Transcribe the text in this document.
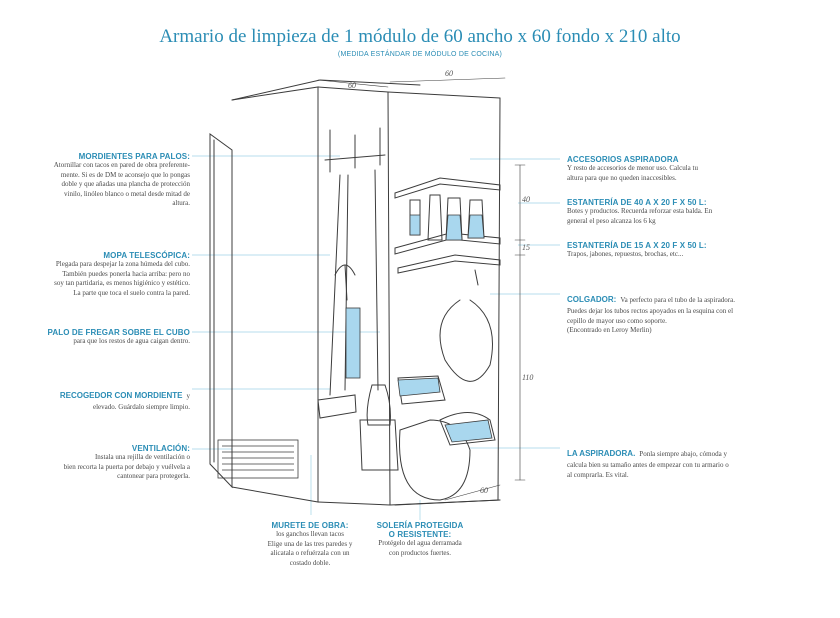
Armario de limpieza de 1 módulo de 60 ancho x 60 fondo x 210 alto
(MEDIDA ESTÁNDAR DE MÓDULO DE COCINA)
60
60
40
15
110
60
MORDIENTES PARA PALOS:
Atornillar con tacos en pared de obra preferente-
mente. Si es de DM te aconsejo que lo pongas
doble y que añadas una plancha de protección
vinilo, linóleo blanco o metal desde mitad de
altura.
MOPA TELESCÓPICA:
Plegada para despejar la zona húmeda del cubo.
También puedes ponerla hacia arriba: pero no
soy tan partidaria, es menos higiénico y estético.
La parte que toca el suelo contra la pared.
PALO DE FREGAR SOBRE EL CUBO
para que los restos de agua caigan dentro.
RECOGEDOR CON MORDIENTE y
elevado. Guárdalo siempre limpio.
VENTILACIÓN:
Instala una rejilla de ventilación o
bien recorta la puerta por debajo y vuélvela a
cantonear para protegerla.
ACCESORIOS ASPIRADORA
Y resto de accesorios de menor uso. Calcula tu
altura para que no queden inaccesibles.
ESTANTERÍA DE 40 A X 20 F X 50 L:
Botes y productos. Recuerda reforzar esta balda. En
general el peso alcanza los 6 kg
ESTANTERÍA DE 15 A X 20 F X 50 L:
Trapos, jabones, repuestos, brochas, etc...
COLGADOR: Va perfecto para el tubo de la aspiradora.
Puedes dejar los tubos rectos apoyados en la esquina con el
cepillo de mayor uso como soporte.
(Encontrado en Leroy Merlin)
LA ASPIRADORA. Ponla siempre abajo, cómoda y
calcula bien su tamaño antes de empezar con tu armario o
al comprarla. Es vital.
MURETE DE OBRA:
los ganchos llevan tacos
Elige una de las tres paredes y
alicatala o refuérzala con un
costado doble.
SOLERÍA PROTEGIDA
O RESISTENTE:
Protégelo del agua derramada
con productos fuertes.
